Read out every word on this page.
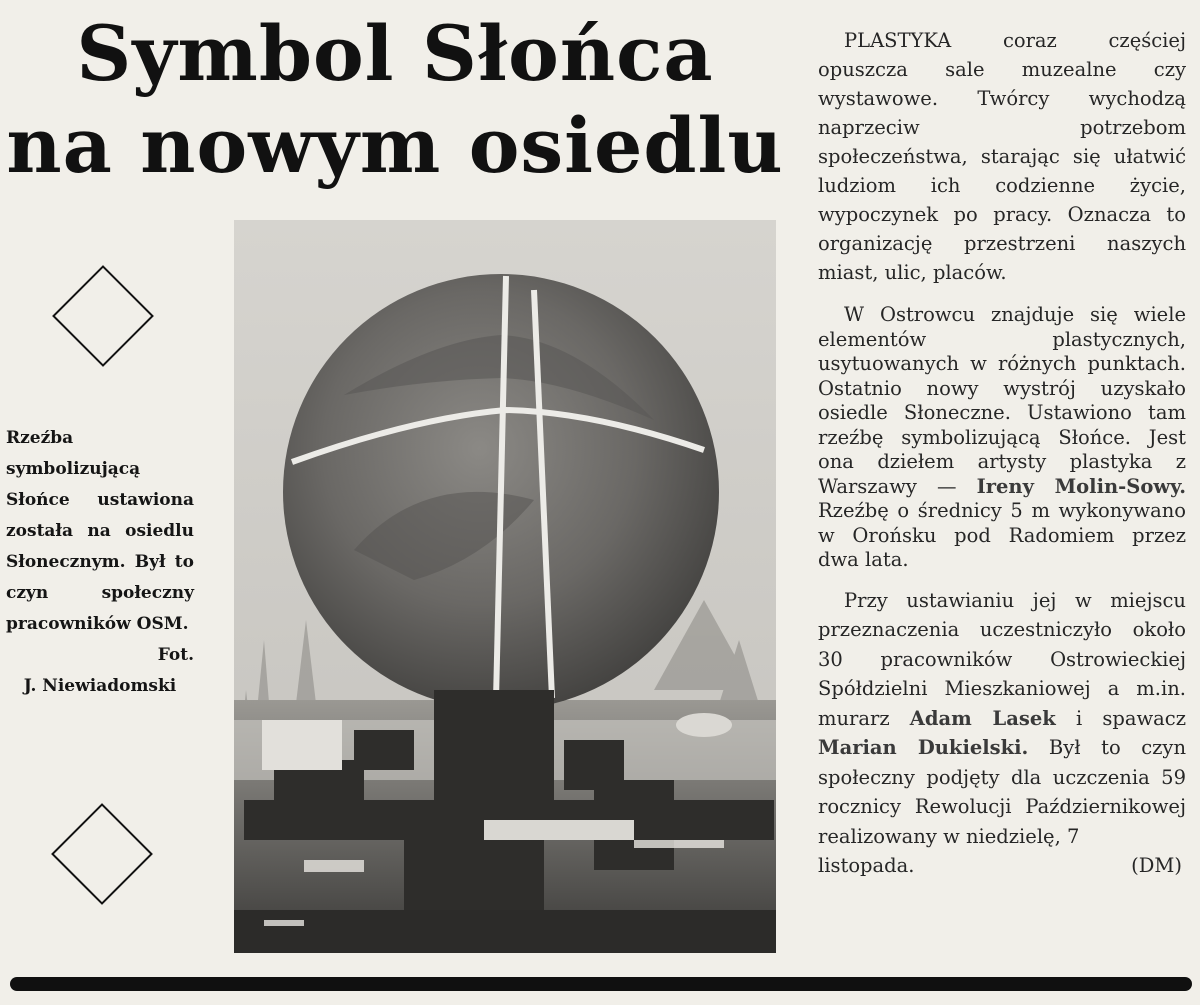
Symbol Słońca
na nowym osiedlu

Rzeźba symbolizującą Słońce ustawiona została na osiedlu Słonecznym. Był to czyn społeczny pracowników OSM.

Fot.
J. Niewiadomski

PLASTYKA coraz częściej opuszcza sale muzealne czy wystawowe. Twórcy wychodzą naprzeciw potrzebom społeczeństwa, starając się ułatwić ludziom ich codzienne życie, wypoczynek po pracy. Oznacza to organizację przestrzeni naszych miast, ulic, placów.

W Ostrowcu znajduje się wiele elementów plastycznych, usytuowanych w różnych punktach. Ostatnio nowy wystrój uzyskało osiedle Słoneczne. Ustawiono tam rzeźbę symbolizującą Słońce. Jest ona dziełem artysty plastyka z Warszawy — Ireny Molin-Sowy. Rzeźbę o średnicy 5 m wykonywano w Orońsku pod Radomiem przez dwa lata.

Przy ustawianiu jej w miejscu przeznaczenia uczestniczyło około 30 pracowników Ostrowieckiej Spółdzielni Mieszkaniowej a m.in. murarz Adam Lasek i spawacz Marian Dukielski. Był to czyn społeczny podjęty dla uczczenia 59 rocznicy Rewolucji Październikowej realizowany w niedzielę, 7

listopada.	(DM)
